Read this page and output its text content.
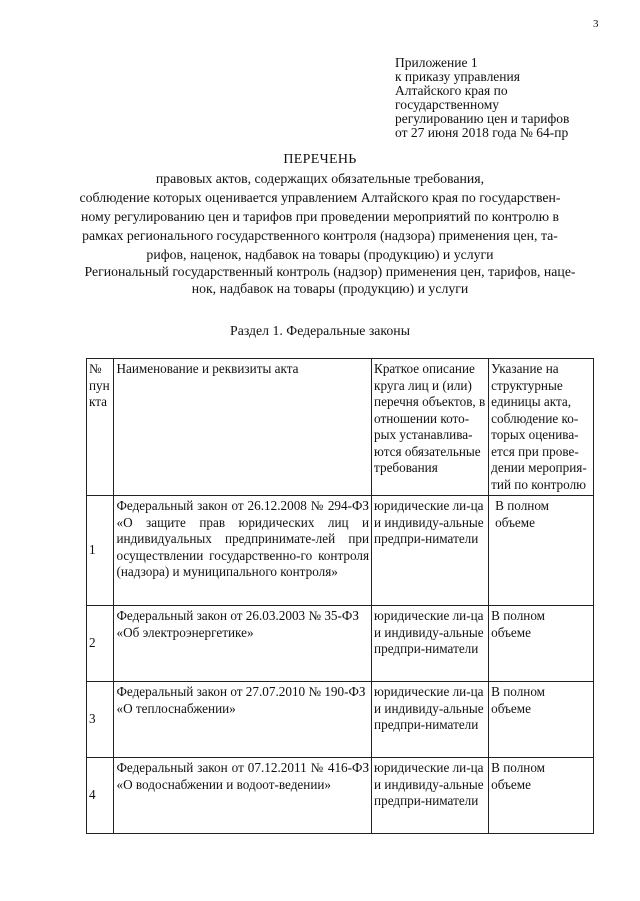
3
Приложение 1
к приказу управления
Алтайского края по
государственному
регулированию цен и тарифов
от 27 июня 2018 года № 64-пр
ПЕРЕЧЕНЬ
правовых актов, содержащих обязательные требования,
соблюдение которых оценивается управлением Алтайского края по государствен-
ному регулированию цен и тарифов при проведении мероприятий по контролю в
рамках регионального государственного контроля (надзора) применения цен, та-
рифов, наценок, надбавок на товары (продукцию) и услуги
Региональный государственный контроль (надзор) применения цен, тарифов, наце-
нок, надбавок на товары (продукцию) и услуги
Раздел 1. Федеральные законы
№ пун кта	Наименование и реквизиты акта	Краткое описание круга лиц и (или) перечня объектов, в отношении кото-рых устанавлива-ются обязательные требования	Указание на структурные единицы акта, соблюдение ко-торых оценива-ется при прове-дении мероприя-тий по контролю
1	Федеральный закон от 26.12.2008 № 294-ФЗ «О защите прав юридических лиц и индивидуальных предпринимате-лей при осуществлении государственно-го контроля (надзора) и муниципального контроля»	юридические ли-ца и индивиду-альные предпри-ниматели	В полном
объеме

2	Федеральный закон от 26.03.2003 № 35-ФЗ «Об электроэнергетике»	юридические ли-ца и индивиду-альные предпри-ниматели	В полном
объеме

3	Федеральный закон от 27.07.2010 № 190-ФЗ «О теплоснабжении»	юридические ли-ца и индивиду-альные предпри-ниматели	В полном
объеме

4	Федеральный закон от 07.12.2011 № 416-ФЗ «О водоснабжении и водоот-ведении»	юридические ли-ца и индивиду-альные предпри-ниматели	В полном
объеме
